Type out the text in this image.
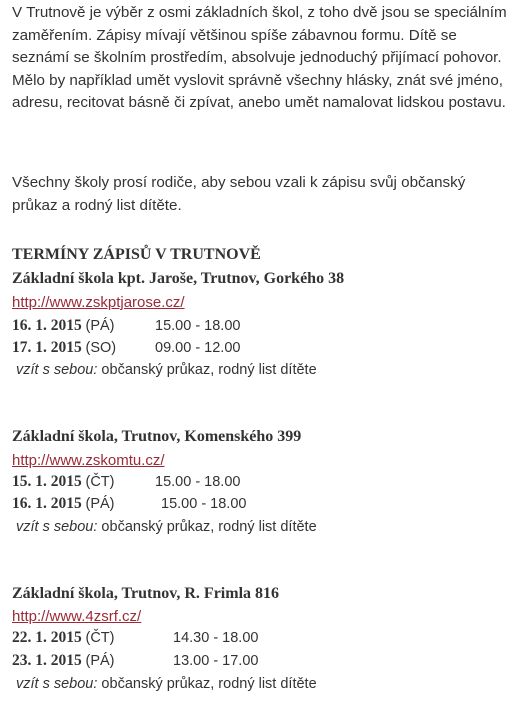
V Trutnově je výběr z osmi základních škol, z toho dvě jsou se speciálním zaměřením. Zápisy mívají většinou spíše zábavnou formu. Dítě se seznámí se školním prostředím, absolvuje jednoduchý přijímací pohovor. Mělo by například umět vyslovit správně všechny hlásky, znát své jméno, adresu, recitovat básně či zpívat, anebo umět namalovat lidskou postavu.

Všechny školy prosí rodiče, aby sebou vzali k zápisu svůj občanský průkaz a rodný list dítěte.

TERMÍNY ZÁPISŮ V TRUTNOVĚ
Základní škola kpt. Jaroše, Trutnov, Gorkého 38
http://www.zskptjarose.cz/
16. 1. 2015 (PÁ)	15.00 - 18.00
17. 1. 2015 (SO)	09.00 - 12.00
vzít s sebou: občanský průkaz, rodný list dítěte
Základní škola, Trutnov, Komenského 399
http://www.zskomtu.cz/
15. 1. 2015 (ČT)	15.00 - 18.00
16. 1. 2015 (PÁ)	15.00 - 18.00
vzít s sebou: občanský průkaz, rodný list dítěte
Základní škola, Trutnov, R. Frimla 816
http://www.4zsrf.cz/
22. 1. 2015 (ČT)	14.30 - 18.00
23. 1. 2015 (PÁ)	13.00 - 17.00
vzít s sebou: občanský průkaz, rodný list dítěte
